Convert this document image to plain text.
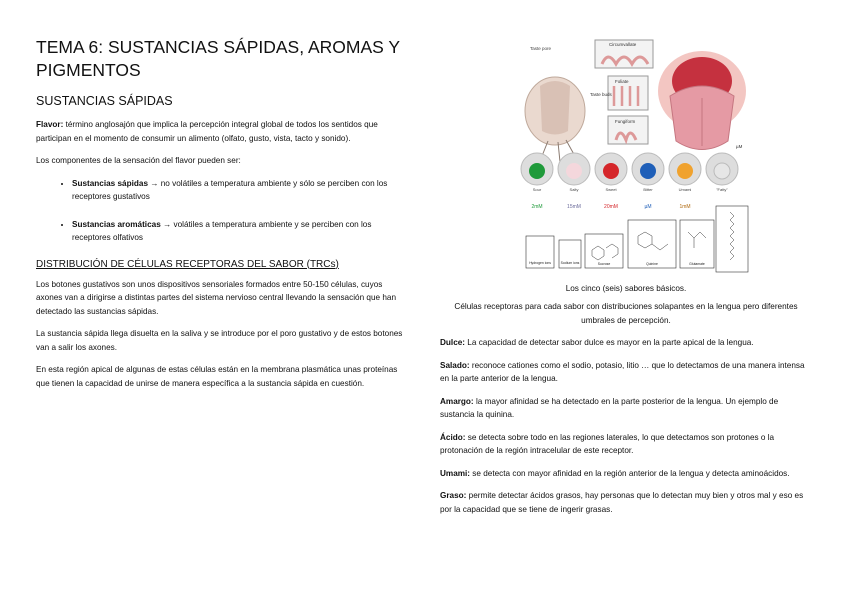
TEMA 6: SUSTANCIAS SÁPIDAS, AROMAS Y PIGMENTOS
SUSTANCIAS SÁPIDAS

Flavor: término anglosajón que implica la percepción integral global de todos los sentidos que participan en el momento de consumir un alimento (olfato, gusto, vista, tacto y sonido).

Los componentes de la sensación del flavor pueden ser:

• Sustancias sápidas → no volátiles a temperatura ambiente y sólo se perciben con los receptores gustativos
• Sustancias aromáticas → volátiles a temperatura ambiente y se perciben con los receptores olfativos
DISTRIBUCIÓN DE CÉLULAS RECEPTORAS DEL SABOR (TRCs)

Los botones gustativos son unos dispositivos sensoriales formados entre 50-150 células, cuyos axones van a dirigirse a distintas partes del sistema nervioso central llevando la sensación que han detectado las sustancias sápidas.

La sustancia sápida llega disuelta en la saliva y se introduce por el poro gustativo y de estos botones van a salir los axones.

En esta región apical de algunas de estas células están en la membrana plasmática unas proteínas que tienen la capacidad de unirse de manera específica a la sustancia sápida en cuestión.

Taste pore
Circumvallate
Foliate
Taste buds
Fungiform
µM
Sour	Salty	Sweet	Bitter	Umami	"Fatty"
2mM	15mM	20mM	µM	1mM
Hydrogen ions	Sodium ions	Sucrose	Quinine	Glutamate
Los cinco (seis) sabores básicos.
Células receptoras para cada sabor con distribuciones solapantes en la lengua pero diferentes umbrales de percepción.

Dulce: La capacidad de detectar sabor dulce es mayor en la parte apical de la lengua.

Salado: reconoce cationes como el sodio, potasio, litio … que lo detectamos de una manera intensa en la parte anterior de la lengua.

Amargo: la mayor afinidad se ha detectado en la parte posterior de la lengua. Un ejemplo de sustancia la quinina.

Ácido: se detecta sobre todo en las regiones laterales, lo que detectamos son protones o la protonación de la región intracelular de este receptor.

Umami: se detecta con mayor afinidad en la región anterior de la lengua y detecta aminoácidos.

Graso: permite detectar ácidos grasos, hay personas que lo detectan muy bien y otros mal y eso es por la capacidad que se tiene de ingerir grasas.
